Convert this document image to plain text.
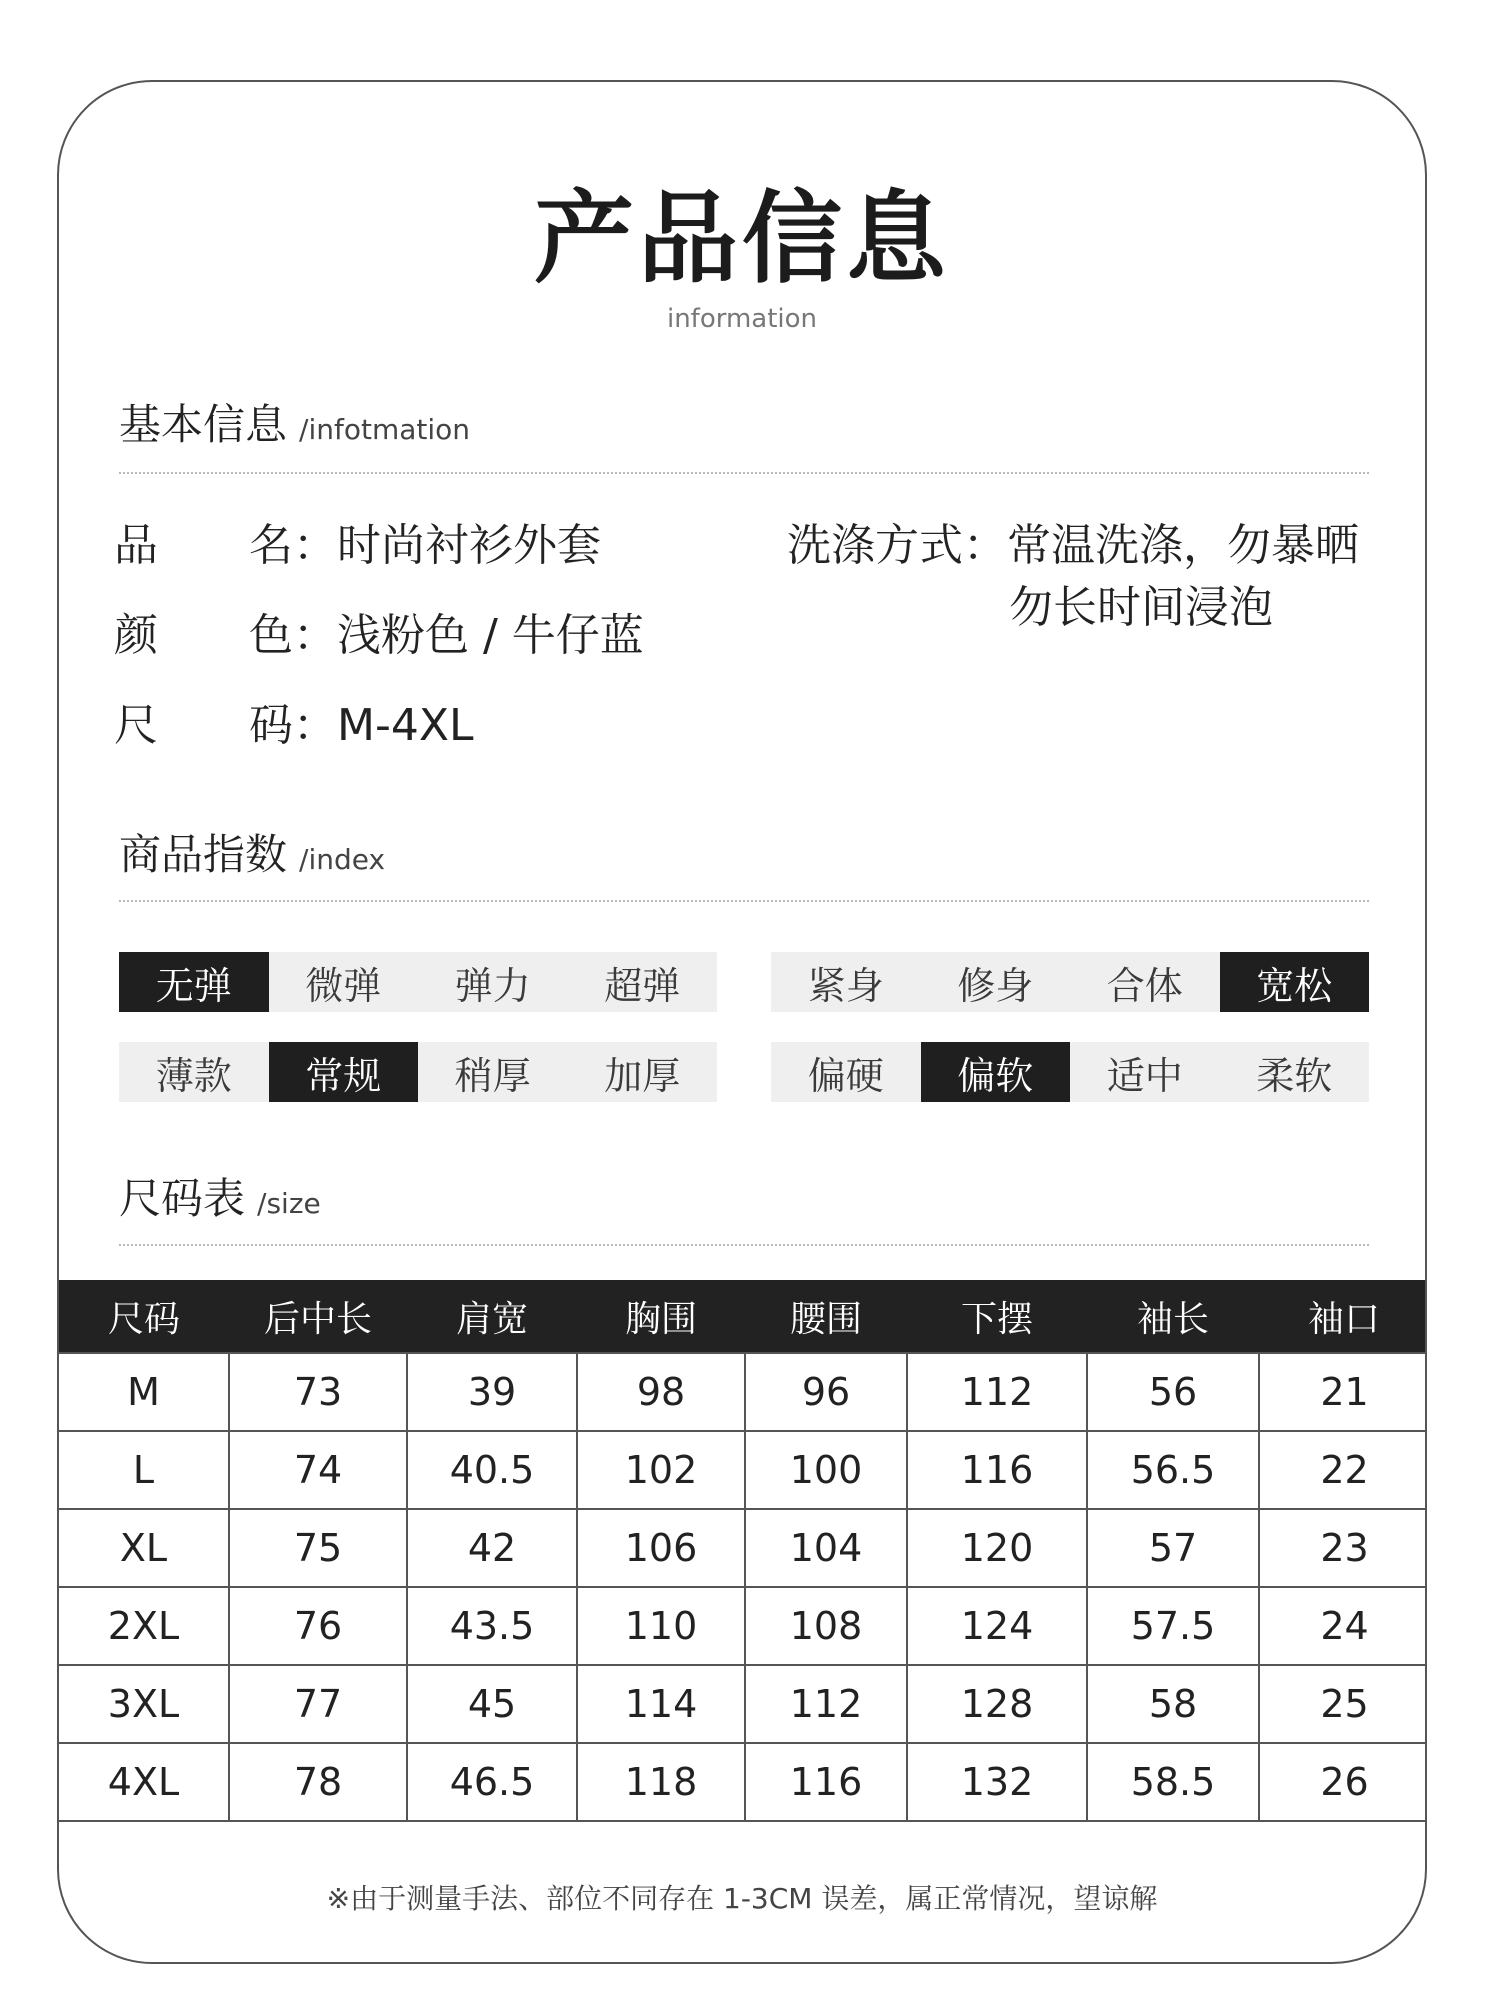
产品信息
information
基本信息 /infotmation
品 名：时尚衬衫外套
颜 色：浅粉色 / 牛仔蓝
尺 码：M-4XL
洗涤方式：常温洗涤，勿暴晒
勿长时间浸泡
商品指数 /index
无弹	微弹	弹力	超弹	紧身	修身	合体	宽松
薄款	常规	稍厚	加厚	偏硬	偏软	适中	柔软
尺码表 /size
尺码	后中长	肩宽	胸围	腰围	下摆	袖长	袖口
M	73	39	98	96	112	56	21
L	74	40.5	102	100	116	56.5	22
XL	75	42	106	104	120	57	23
2XL	76	43.5	110	108	124	57.5	24
3XL	77	45	114	112	128	58	25
4XL	78	46.5	118	116	132	58.5	26
※由于测量手法、部位不同存在 1-3CM 误差，属正常情况，望谅解
